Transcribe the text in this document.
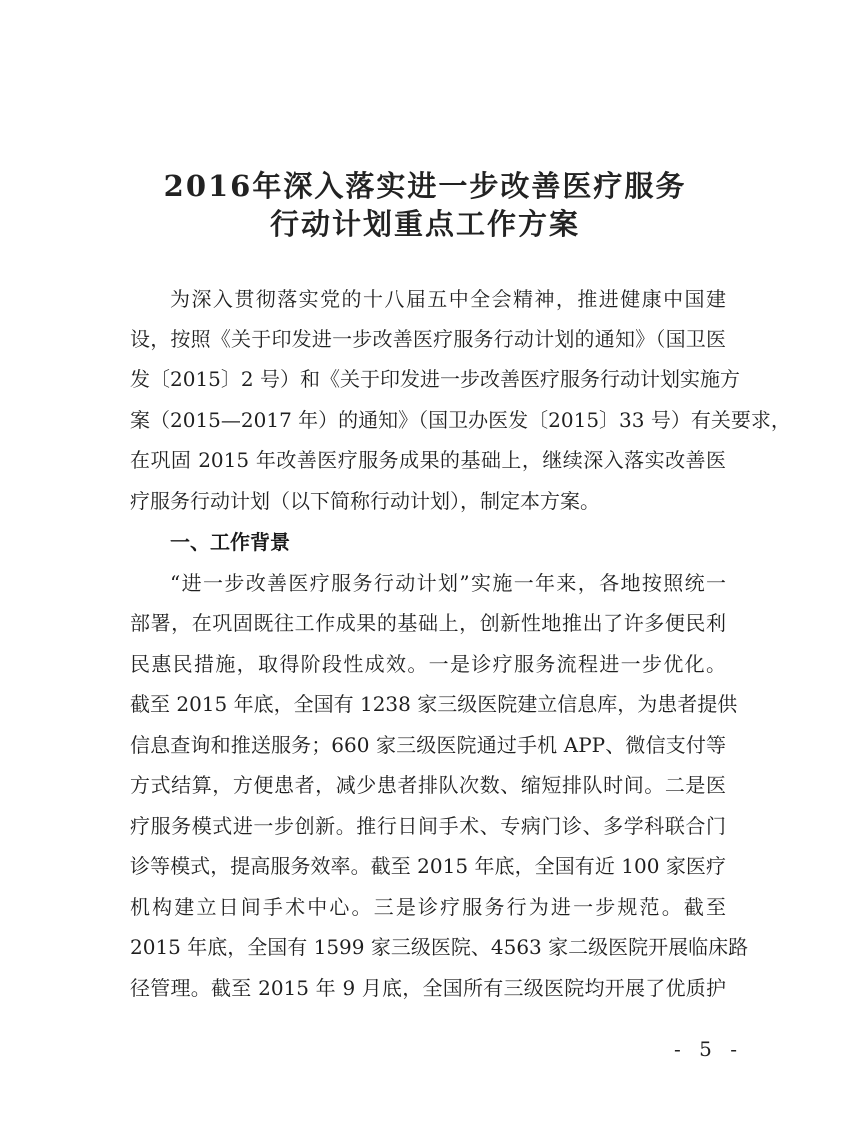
2016年深入落实进一步改善医疗服务
行动计划重点工作方案
为深入贯彻落实党的十八届五中全会精神，推进健康中国建
设，按照《关于印发进一步改善医疗服务行动计划的通知》（国卫医
发〔2015〕2 号）和《关于印发进一步改善医疗服务行动计划实施方
案（2015—2017 年）的通知》（国卫办医发〔2015〕33 号）有关要求，
在巩固 2015 年改善医疗服务成果的基础上，继续深入落实改善医
疗服务行动计划（以下简称行动计划），制定本方案。
一、工作背景
“进一步改善医疗服务行动计划”实施一年来，各地按照统一
部署，在巩固既往工作成果的基础上，创新性地推出了许多便民利
民惠民措施，取得阶段性成效。一是诊疗服务流程进一步优化。
截至 2015 年底，全国有 1238 家三级医院建立信息库，为患者提供
信息查询和推送服务；660 家三级医院通过手机 APP、微信支付等
方式结算，方便患者，减少患者排队次数、缩短排队时间。二是医
疗服务模式进一步创新。推行日间手术、专病门诊、多学科联合门
诊等模式，提高服务效率。截至 2015 年底，全国有近 100 家医疗
机构建立日间手术中心。三是诊疗服务行为进一步规范。截至
2015 年底，全国有 1599 家三级医院、4563 家二级医院开展临床路
径管理。截至 2015 年 9 月底，全国所有三级医院均开展了优质护
- 5 -
